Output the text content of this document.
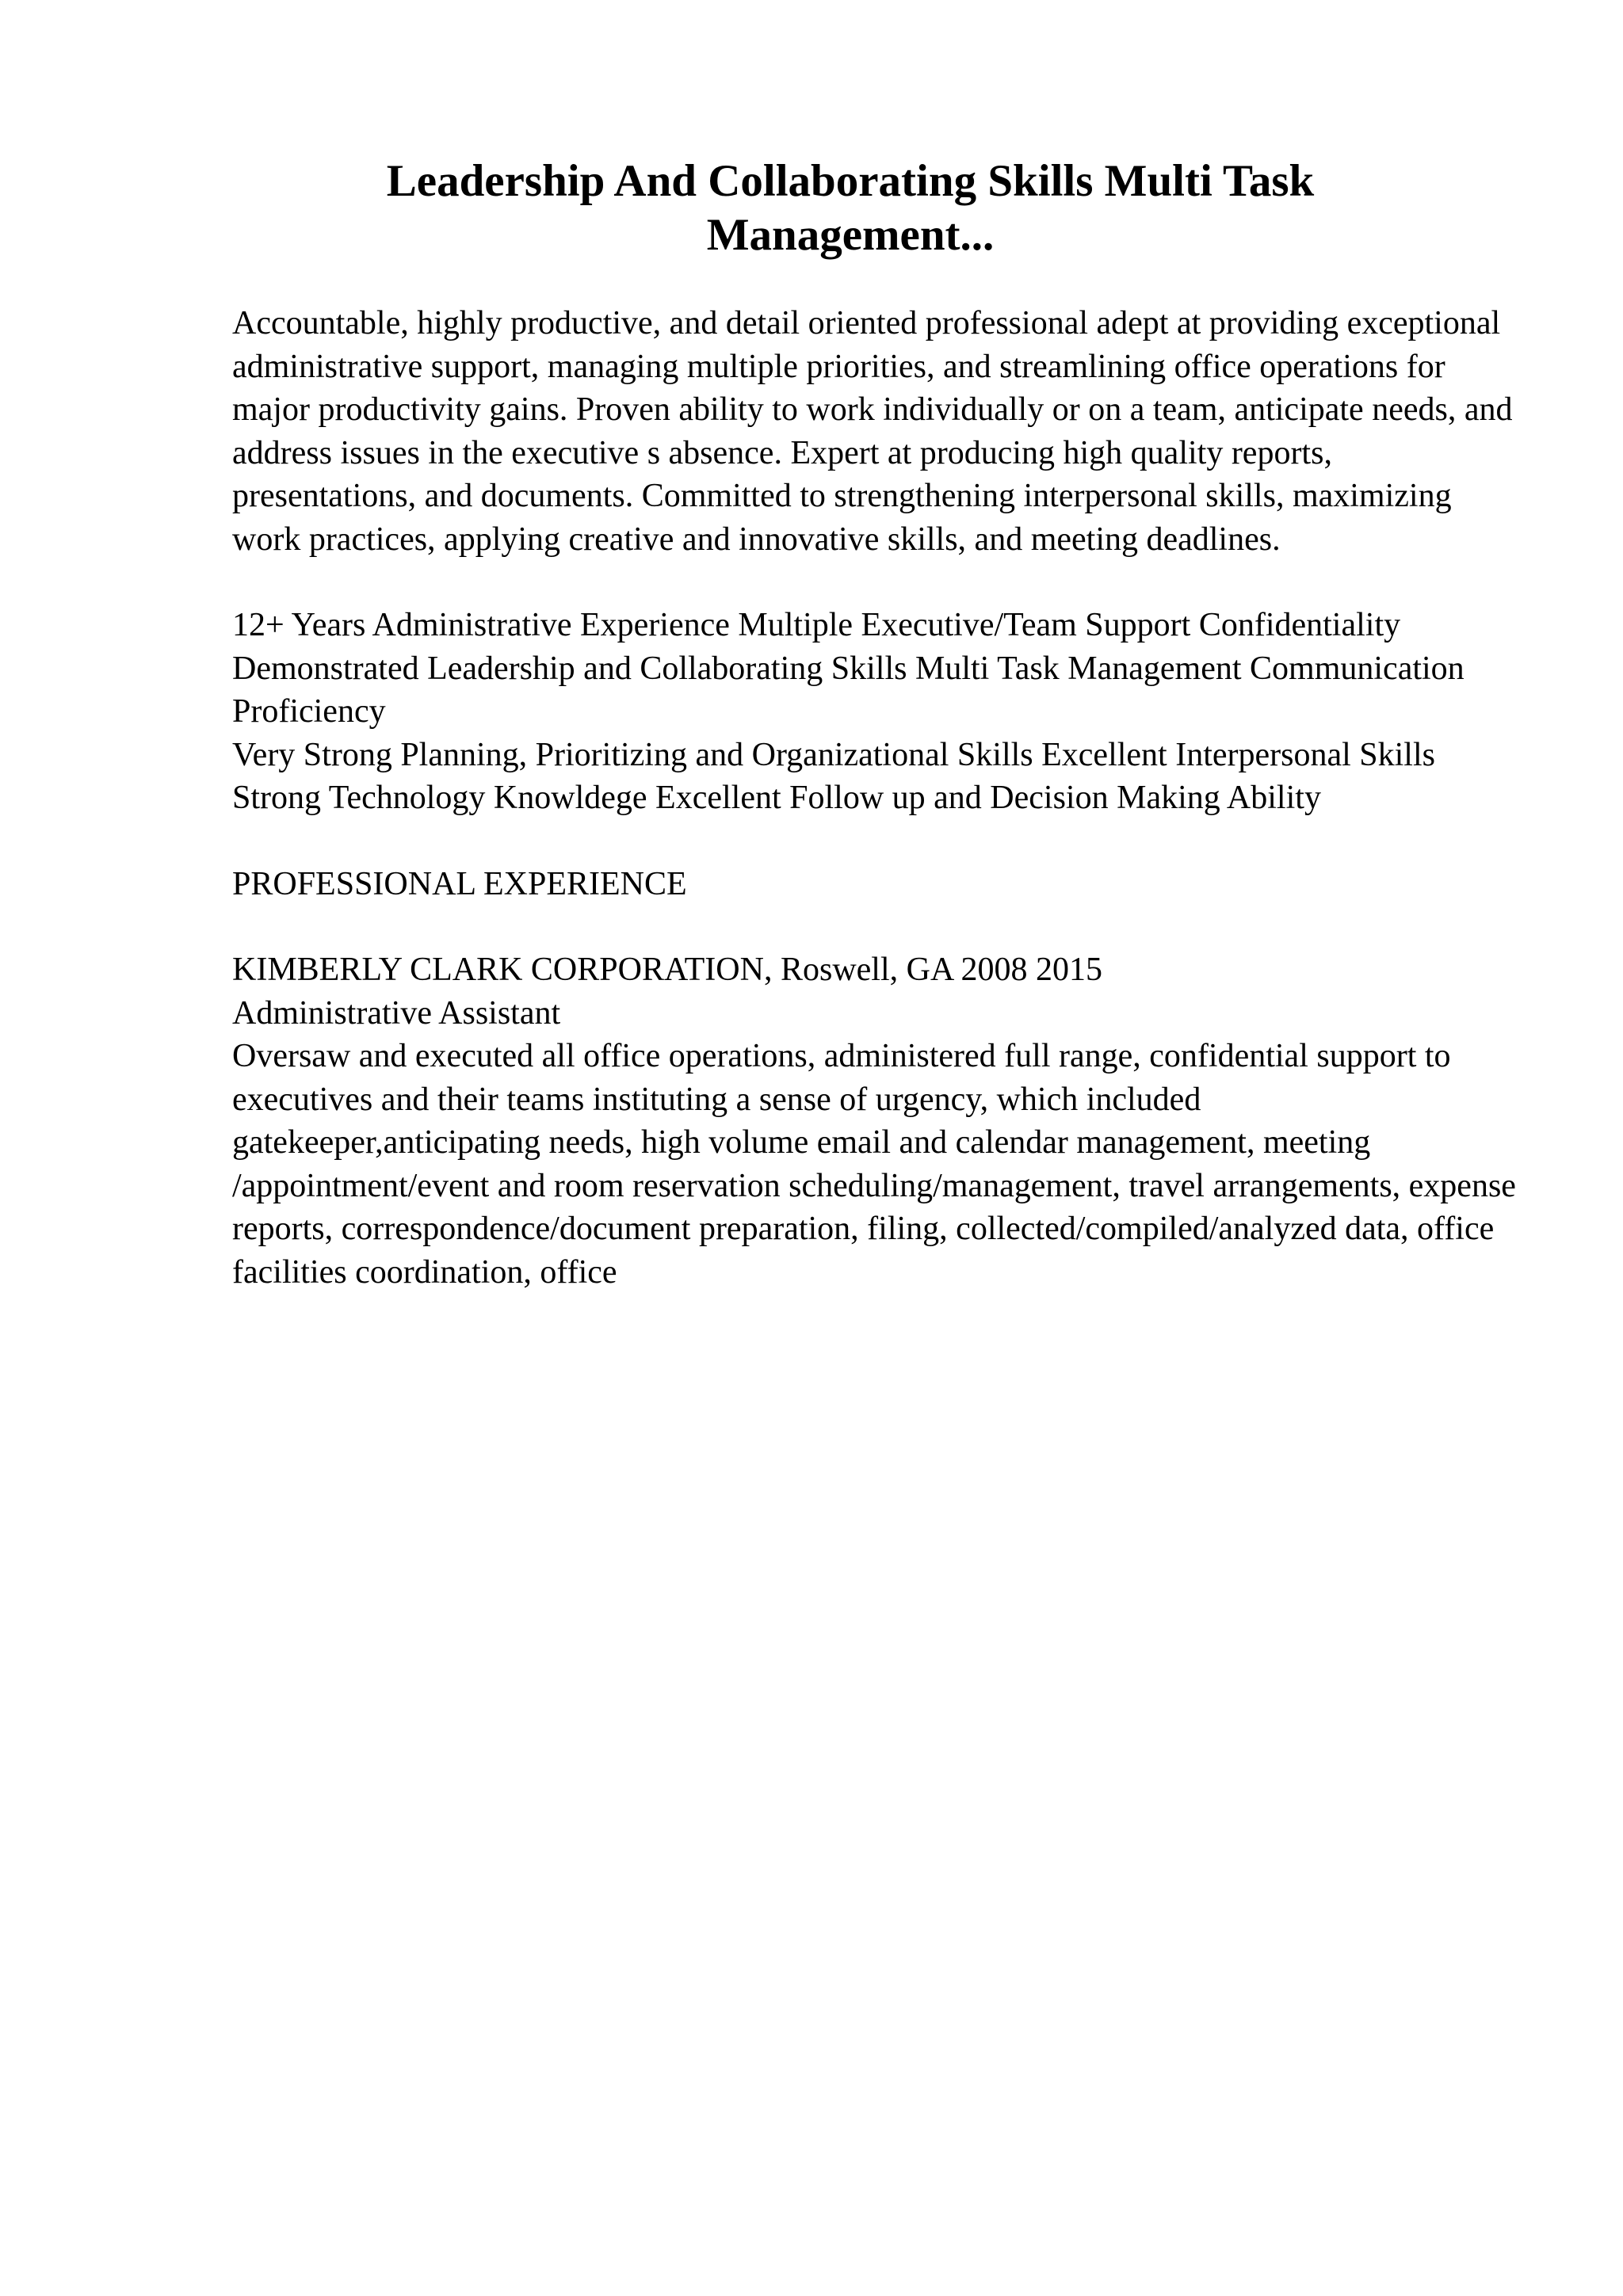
Leadership And Collaborating Skills Multi Task Management...

Accountable, highly productive, and detail oriented professional adept at providing exceptional administrative support, managing multiple priorities, and streamlining office operations for major productivity gains. Proven ability to work individually or on a team, anticipate needs, and address issues in the executive s absence. Expert at producing high quality reports, presentations, and documents. Committed to strengthening interpersonal skills, maximizing work practices, applying creative and innovative skills, and meeting deadlines.

12+ Years Administrative Experience Multiple Executive/Team Support Confidentiality
Demonstrated Leadership and Collaborating Skills Multi Task Management Communication Proficiency
Very Strong Planning, Prioritizing and Organizational Skills Excellent Interpersonal Skills
Strong Technology Knowldege Excellent Follow up and Decision Making Ability
PROFESSIONAL EXPERIENCE
KIMBERLY CLARK CORPORATION, Roswell, GA 2008 2015
Administrative Assistant
Oversaw and executed all office operations, administered full range, confidential support to executives and their teams instituting a sense of urgency, which included gatekeeper,anticipating needs, high volume email and calendar management, meeting /appointment/event and room reservation scheduling/management, travel arrangements, expense reports, correspondence/document preparation, filing, collected/compiled/analyzed data, office facilities coordination, office
